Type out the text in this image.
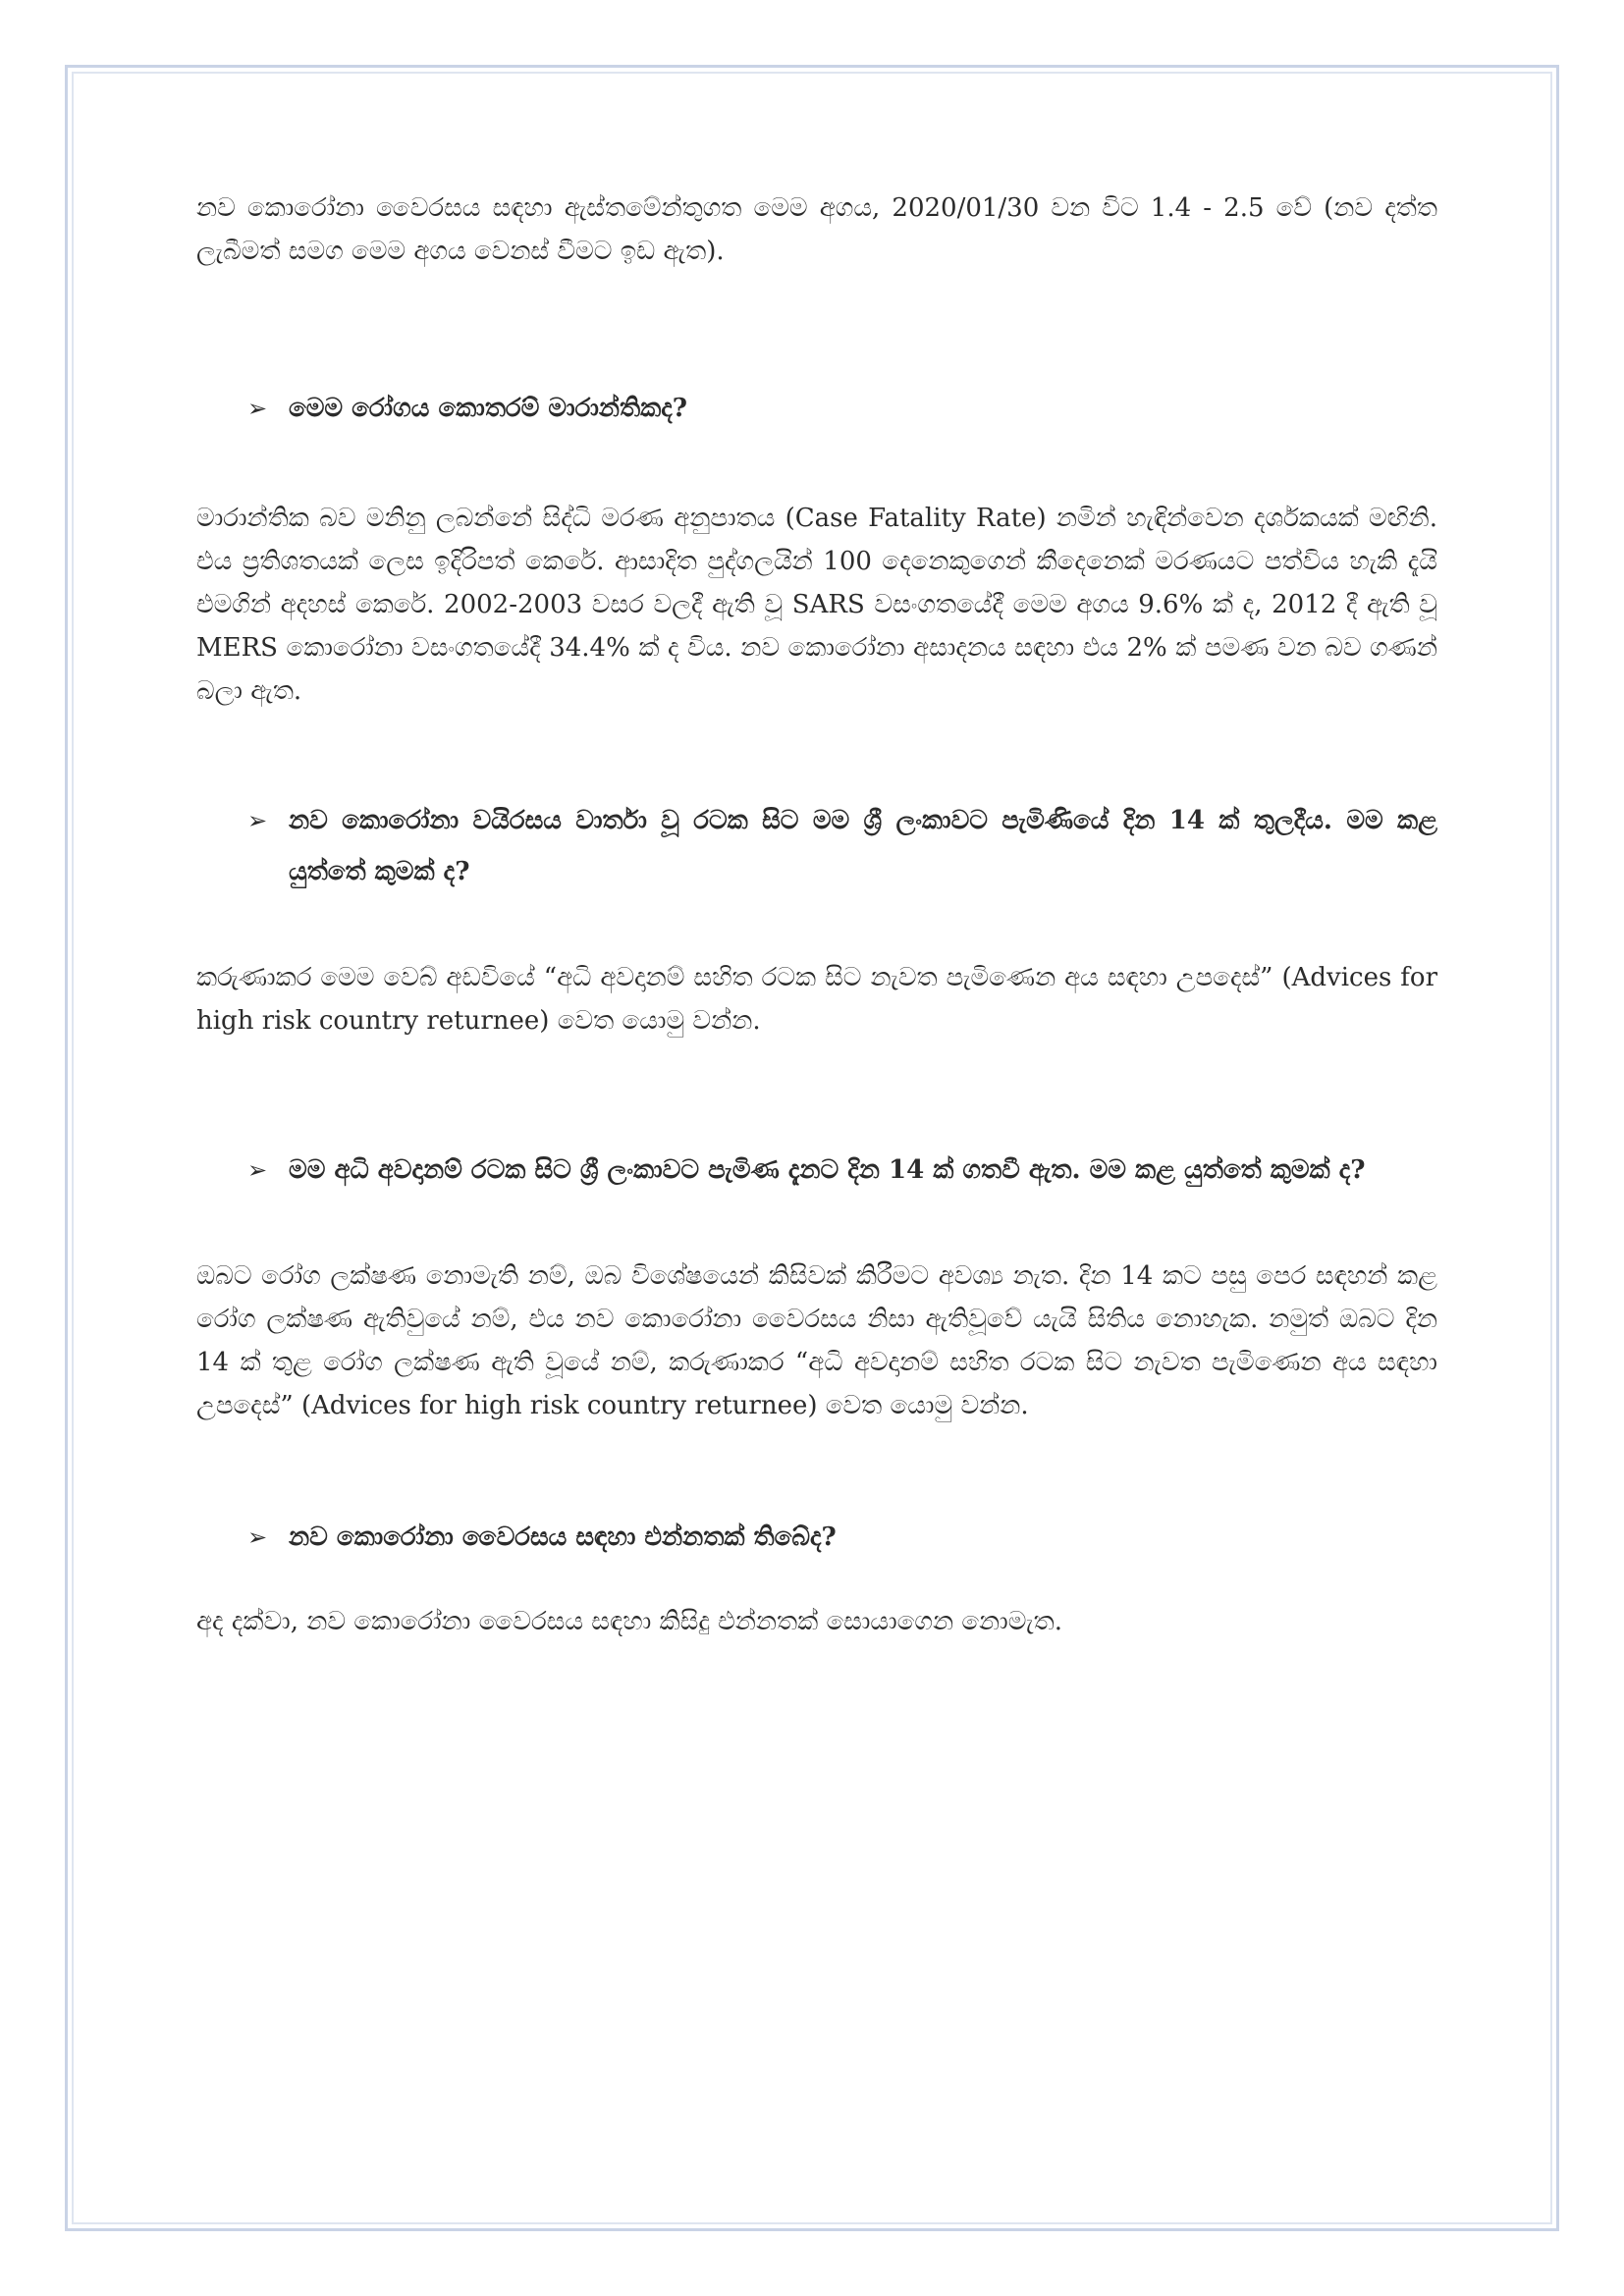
නව කොරෝනා වෛරසය සඳහා ඇස්තමේන්තුගත මෙම අගය, 2020/01/30 වන විට 1.4 - 2.5 වේ (නව දත්ත ලැබීමත් සමග මෙම අගය වෙනස් වීමට ඉඩ ඇත).

➢ මෙම රෝගය කොතරම් මාරාන්තිකද?

මාරාන්තික බව මනිනු ලබන්නේ සිද්ධි මරණ අනුපාතය (Case Fatality Rate) නමින් හැඳින්වෙන දර්ශකයක් මඟිනි. එය ප්‍රතිශතයක් ලෙස ඉදිරිපත් කෙරේ. ආසාදිත පුද්ගලයින් 100 දෙනෙකුගෙන් කීදෙනෙක් මරණයට පත්විය හැකි දැයි එමගින් අදහස් කෙරේ. 2002-2003 වසර වලදී ඇති වූ SARS වසංගතයේදී මෙම අගය 9.6% ක් ද, 2012 දී ඇති වූ MERS කොරෝනා වසංගතයේදී 34.4% ක් ද විය. නව කොරෝනා අසාදනය සඳහා එය 2% ක් පමණ වන බව ගණන් බලා ඇත.

➢ නව කොරෝනා වයිරසය වාර්තා වූ රටක සිට මම ශ්‍රී ලංකාවට පැමිණියේ දින 14 ක් තුලදීය. මම කළ යුත්තේ කුමක් ද?

කරුණාකර මෙම වෙබ් අඩවියේ “අධි අවදානම් සහිත රටක සිට නැවත පැමිණෙන අය සඳහා උපදෙස්” (Advices for high risk country returnee) වෙත යොමු වන්න.

➢ මම අධි අවදානම් රටක සිට ශ්‍රී ලංකාවට පැමිණ දැනට දින 14 ක් ගතවී ඇත. මම කළ යුත්තේ කුමක් ද?

ඔබට රෝග ලක්ෂණ නොමැති නම්, ඔබ විශේෂයෙන් කිසිවක් කිරීමට අවශ්‍ය නැත. දින 14 කට පසු පෙර සඳහන් කළ රෝග ලක්ෂණ ඇතිවුයේ නම්, එය නව කොරෝනා වෛරසය නිසා ඇතිවූවේ යැයි සිතිය නොහැක. නමුත් ඔබට දින 14 ක් තුළ රෝග ලක්ෂණ ඇති වූයේ නම්, කරුණාකර “අධි අවදානම් සහිත රටක සිට නැවත පැමිණෙන අය සඳහා උපදෙස්” (Advices for high risk country returnee) වෙත යොමු වන්න.

➢ නව කොරෝනා වෛරසය සඳහා එන්නතක් තිබේද?

අද දක්වා, නව කොරෝනා වෛරසය සඳහා කිසිදු එන්නතක් සොයාගෙන නොමැත.
